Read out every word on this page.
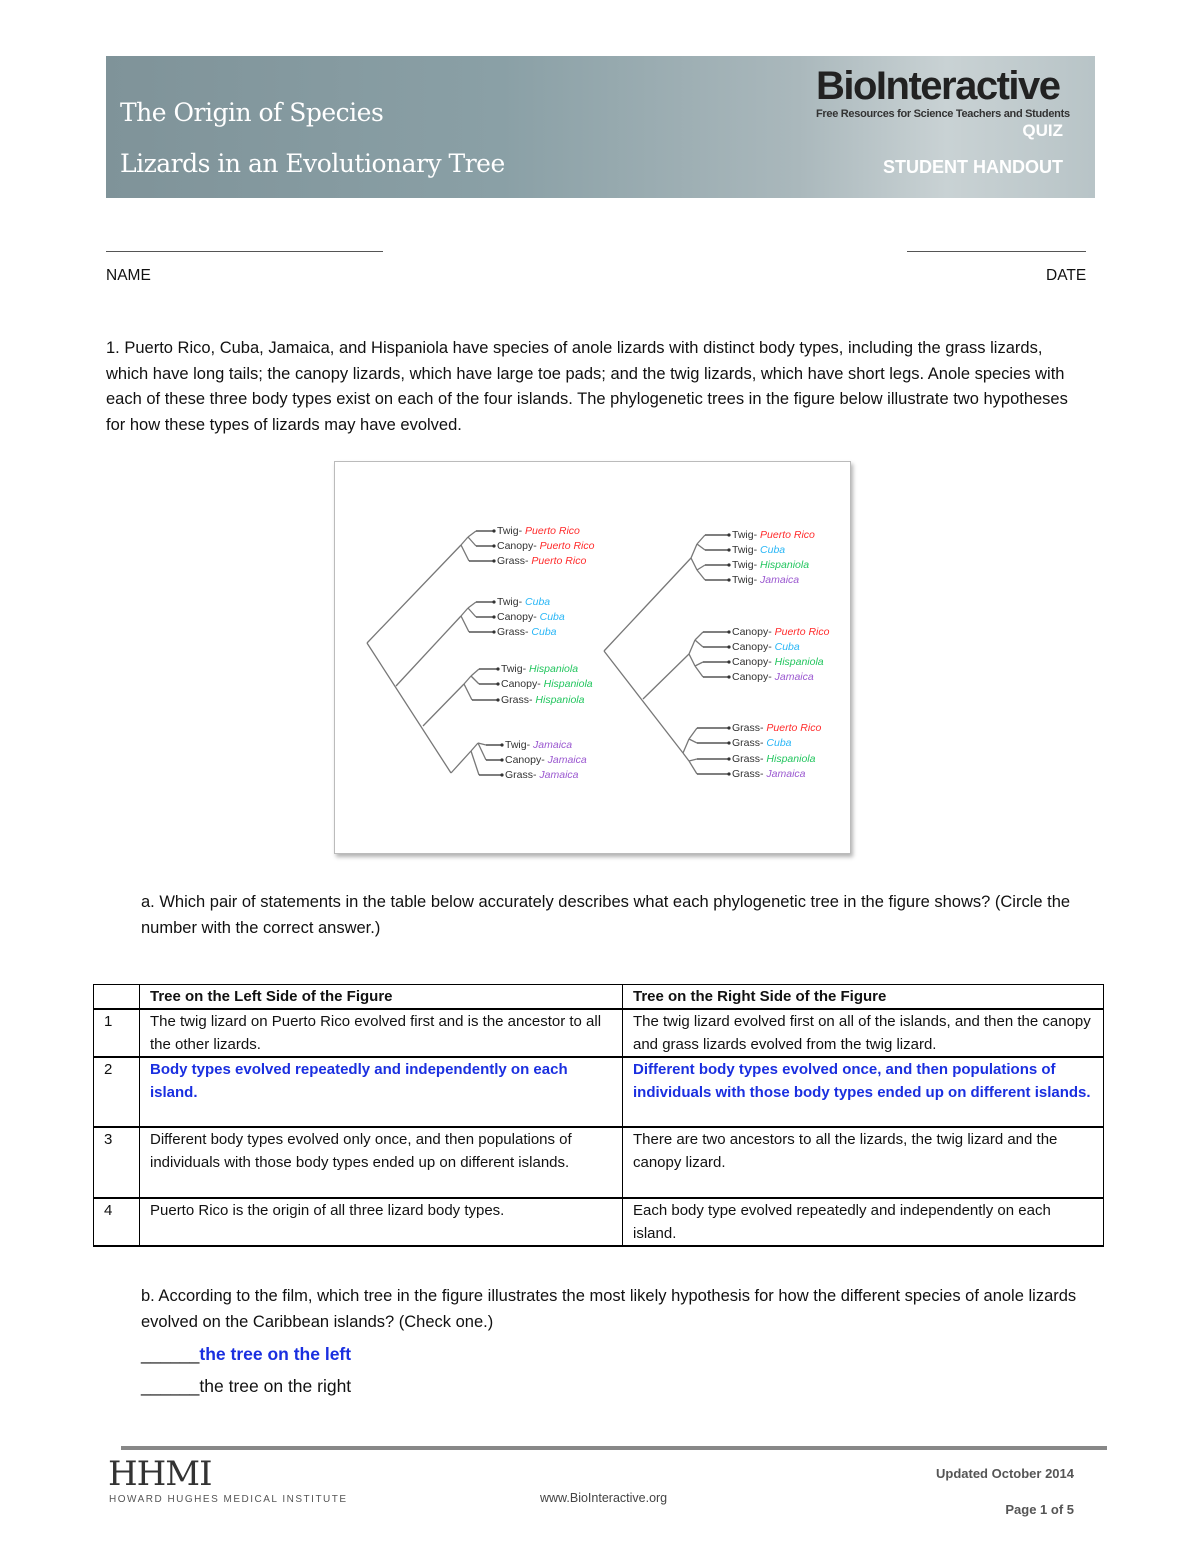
The Origin of Species
Lizards in an Evolutionary Tree
BioInteractive
Free Resources for Science Teachers and Students
QUIZ
STUDENT HANDOUT
NAME	DATE
1. Puerto Rico, Cuba, Jamaica, and Hispaniola have species of anole lizards with distinct body types, including the grass lizards, which have long tails; the canopy lizards, which have large toe pads; and the twig lizards, which have short legs. Anole species with each of these three body types exist on each of the four islands. The phylogenetic trees in the figure below illustrate two hypotheses for how these types of lizards may have evolved.
Twig- Puerto Rico
Canopy- Puerto Rico
Grass- Puerto Rico
Twig- Cuba
Canopy- Cuba
Grass- Cuba
Twig- Hispaniola
Canopy- Hispaniola
Grass- Hispaniola
Twig- Jamaica
Canopy- Jamaica
Grass- Jamaica
Twig- Puerto Rico
Twig- Cuba
Twig- Hispaniola
Twig- Jamaica
Canopy- Puerto Rico
Canopy- Cuba
Canopy- Hispaniola
Canopy- Jamaica
Grass- Puerto Rico
Grass- Cuba
Grass- Hispaniola
Grass- Jamaica
a. Which pair of statements in the table below accurately describes what each phylogenetic tree in the figure shows? (Circle the number with the correct answer.)
	Tree on the Left Side of the Figure	Tree on the Right Side of the Figure
1	The twig lizard on Puerto Rico evolved first and is the ancestor to all the other lizards.	The twig lizard evolved first on all of the islands, and then the canopy and grass lizards evolved from the twig lizard.
2	Body types evolved repeatedly and independently on each island.	Different body types evolved once, and then populations of individuals with those body types ended up on different islands.
3	Different body types evolved only once, and then populations of individuals with those body types ended up on different islands.	There are two ancestors to all the lizards, the twig lizard and the canopy lizard.
4	Puerto Rico is the origin of all three lizard body types.	Each body type evolved repeatedly and independently on each island.
b. According to the film, which tree in the figure illustrates the most likely hypothesis for how the different species of anole lizards evolved on the Caribbean islands? (Check one.)
______the tree on the left
______the tree on the right
HHMI
HOWARD HUGHES MEDICAL INSTITUTE	www.BioInteractive.org
Updated October 2014
Page 1 of 5
